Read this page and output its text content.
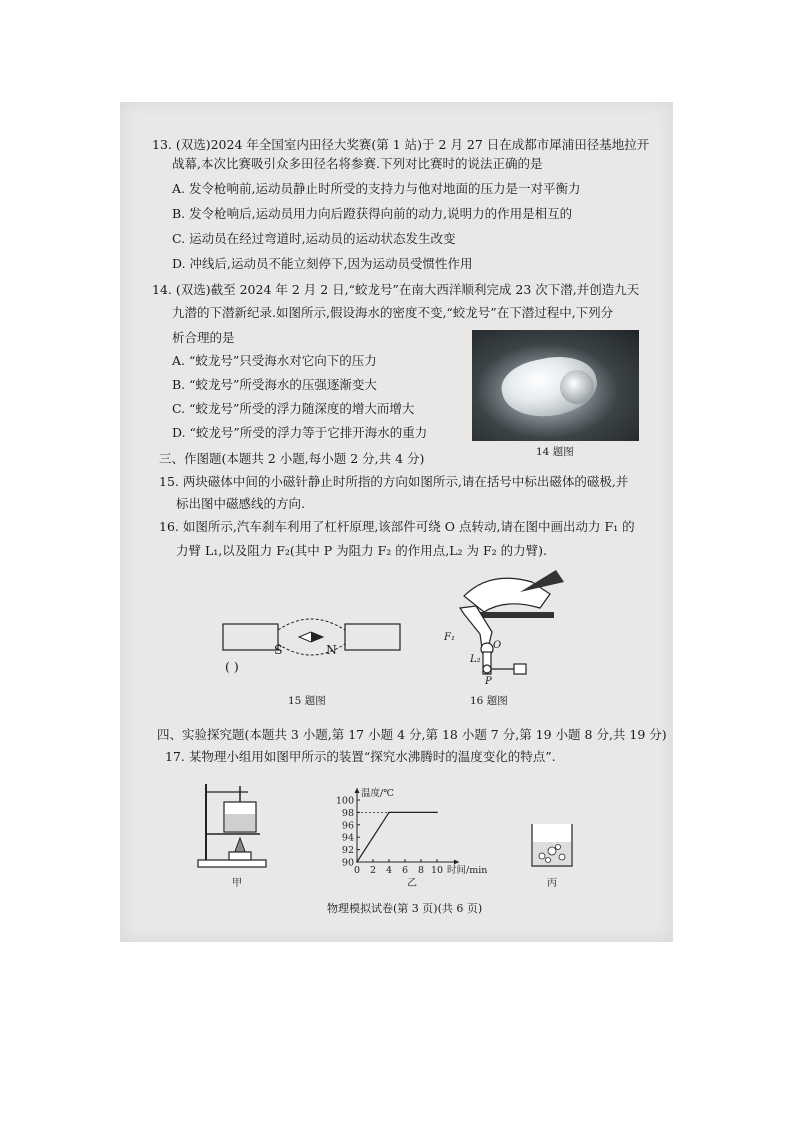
13. (双选)2024 年全国室内田径大奖赛(第 1 站)于 2 月 27 日在成都市犀浦田径基地拉开
战幕,本次比赛吸引众多田径名将参赛.下列对比赛时的说法正确的是
A. 发令枪响前,运动员静止时所受的支持力与他对地面的压力是一对平衡力
B. 发令枪响后,运动员用力向后蹬获得向前的动力,说明力的作用是相互的
C. 运动员在经过弯道时,运动员的运动状态发生改变
D. 冲线后,运动员不能立刻停下,因为运动员受惯性作用
14. (双选)截至 2024 年 2 月 2 日,“蛟龙号”在南大西洋顺利完成 23 次下潜,并创造九天
九潜的下潜新纪录.如图所示,假设海水的密度不变,“蛟龙号”在下潜过程中,下列分
析合理的是
A. “蛟龙号”只受海水对它向下的压力
B. “蛟龙号”所受海水的压强逐渐变大
C. “蛟龙号”所受的浮力随深度的增大而增大
D. “蛟龙号”所受的浮力等于它排开海水的重力
14 题图
三、作图题(本题共 2 小题,每小题 2 分,共 4 分)
15. 两块磁体中间的小磁针静止时所指的方向如图所示,请在括号中标出磁体的磁极,并
标出图中磁感线的方向.
16. 如图所示,汽车刹车利用了杠杆原理,该部件可绕 O 点转动,请在图中画出动力 F₁ 的
力臂 L₁,以及阻力 F₂(其中 P 为阻力 F₂ 的作用点,L₂ 为 F₂ 的力臂).
( )
S	N
15 题图
F₁
O
L₂
P
16 题图
四、实验探究题(本题共 3 小题,第 17 小题 4 分,第 18 小题 7 分,第 19 小题 8 分,共 19 分)
17. 某物理小组用如图甲所示的装置“探究水沸腾时的温度变化的特点”.
甲
100
98
96
94
92
90
0 2 4 6 8 10
温度/℃
时间/min
乙	丙
物理模拟试卷(第 3 页)(共 6 页)
